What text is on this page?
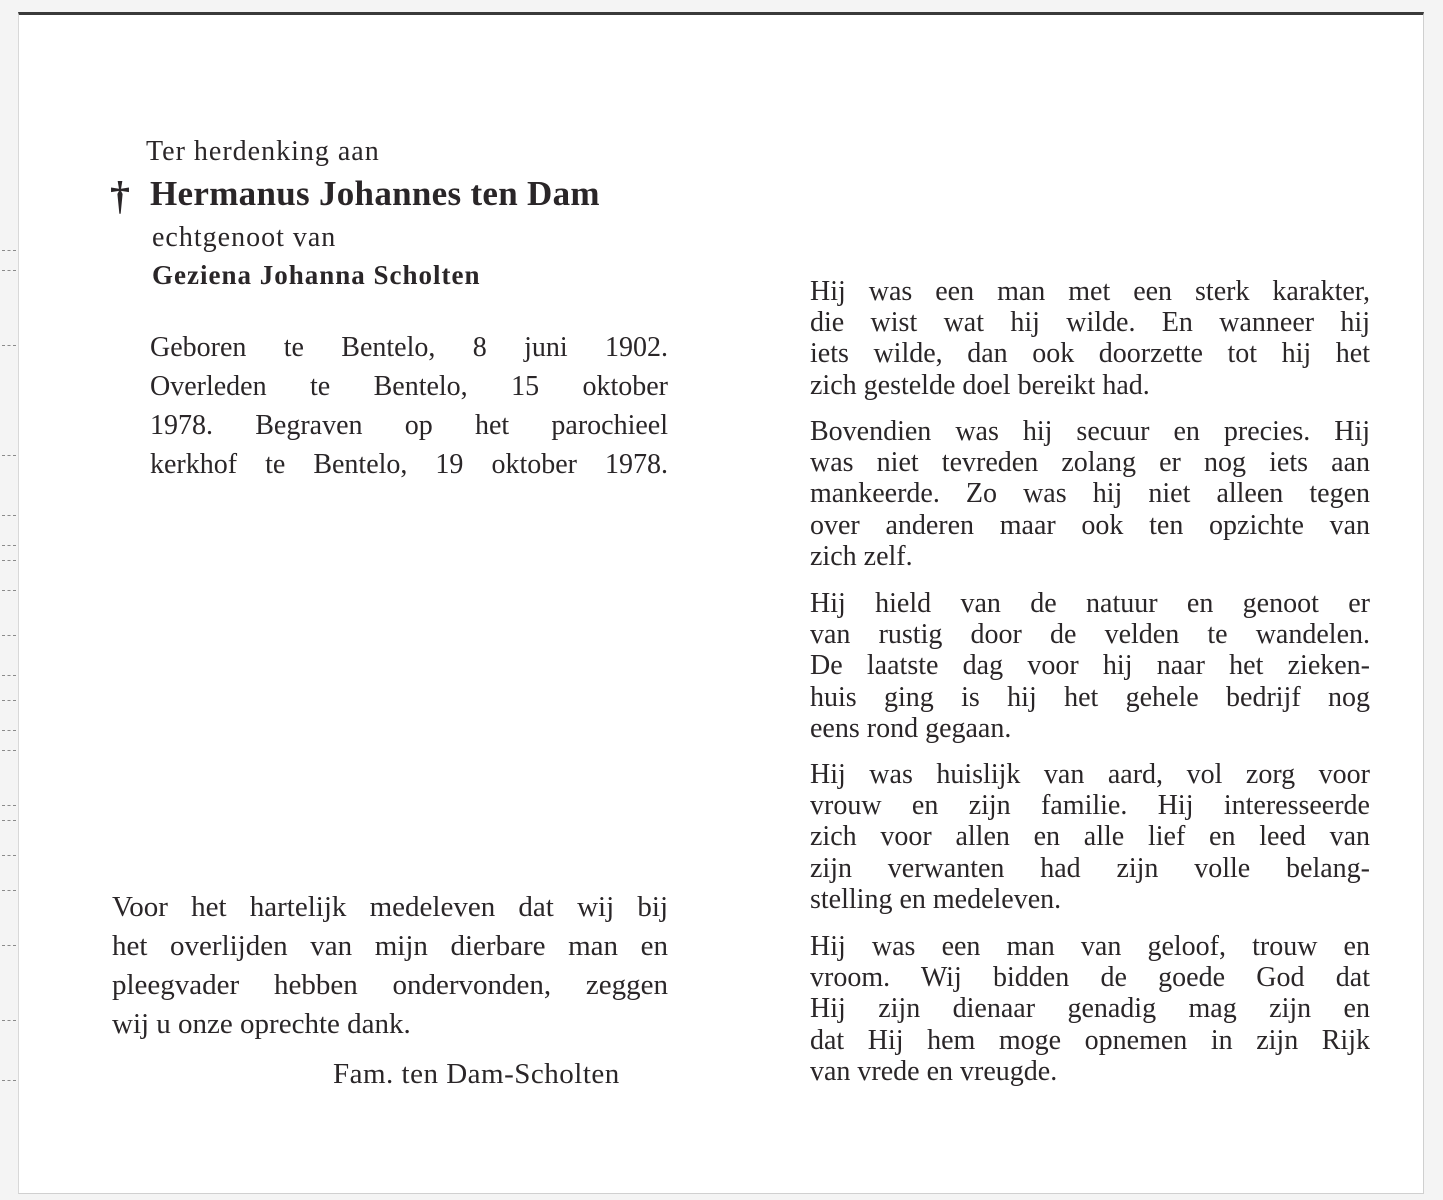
Ter herdenking aan
† Hermanus Johannes ten Dam
echtgenoot van
Geziena Johanna Scholten
Geboren te Bentelo, 8 juni 1902.
Overleden te Bentelo, 15 oktober
1978. Begraven op het parochieel
kerkhof te Bentelo, 19 oktober 1978.
Voor het hartelijk medeleven dat wij bij
het overlijden van mijn dierbare man en
pleegvader hebben ondervonden, zeggen
wij u onze oprechte dank.
Fam. ten Dam-Scholten
Hij was een man met een sterk karakter,
die wist wat hij wilde. En wanneer hij
iets wilde, dan ook doorzette tot hij het
zich gestelde doel bereikt had.
Bovendien was hij secuur en precies. Hij
was niet tevreden zolang er nog iets aan
mankeerde. Zo was hij niet alleen tegen
over anderen maar ook ten opzichte van
zich zelf.
Hij hield van de natuur en genoot er
van rustig door de velden te wandelen.
De laatste dag voor hij naar het zieken-
huis ging is hij het gehele bedrijf nog
eens rond gegaan.
Hij was huislijk van aard, vol zorg voor
vrouw en zijn familie. Hij interesseerde
zich voor allen en alle lief en leed van
zijn verwanten had zijn volle belang-
stelling en medeleven.
Hij was een man van geloof, trouw en
vroom. Wij bidden de goede God dat
Hij zijn dienaar genadig mag zijn en
dat Hij hem moge opnemen in zijn Rijk
van vrede en vreugde.
